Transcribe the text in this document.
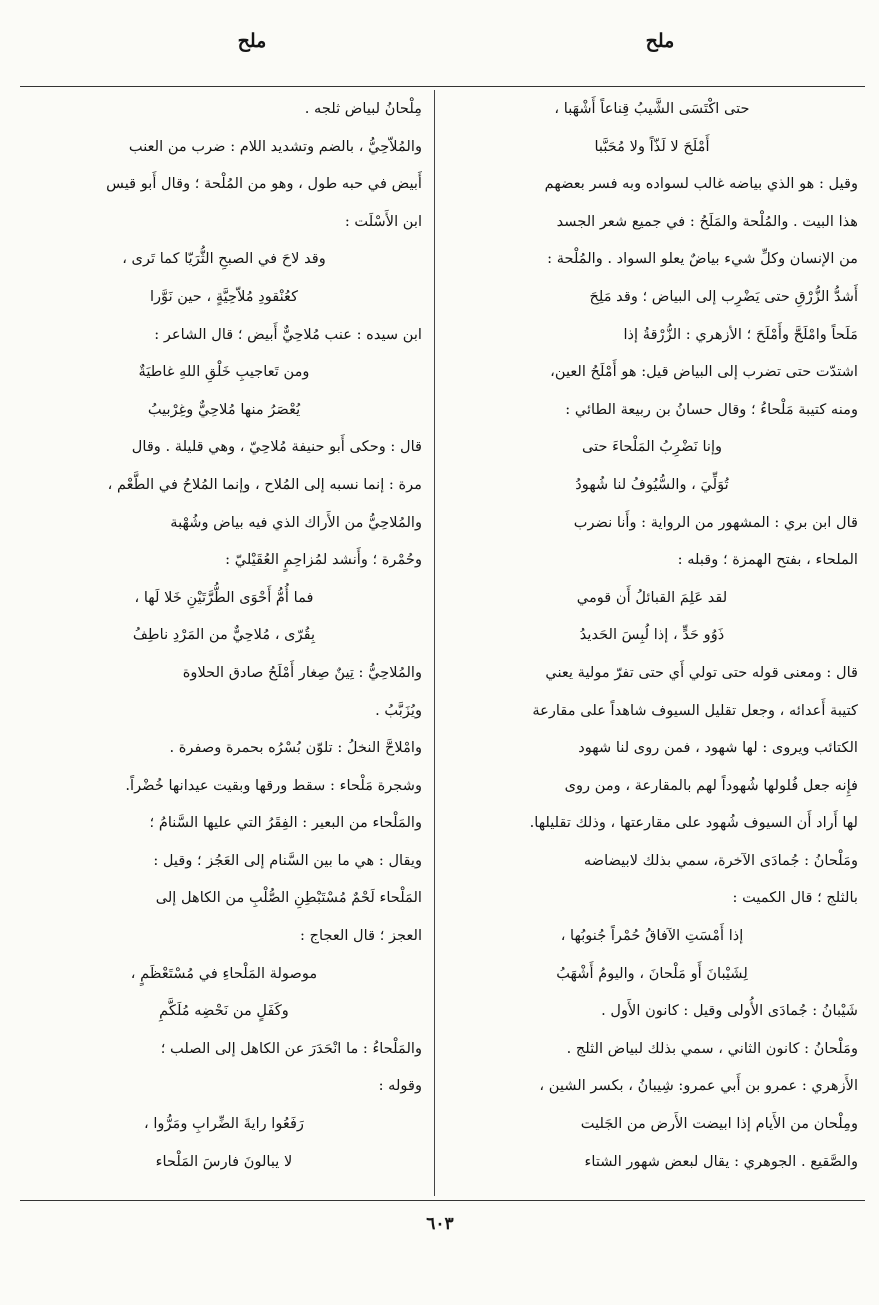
ملح
ملح
حتى اكْتَسَى الشَّيبُ قِناعاً أَشْهَبا ،
أَمْلَحَ لا لَذّاً ولا مُحَبَّبا
وقيل : هو الذي بياضه غالب لسواده وبه فسر بعضهم
هذا البيت . والمُلْحة والمَلَحُ : في جميع شعر الجسد
من الإنسان وكلِّ شيء بياضٌ يعلو السواد . والمُلْحة :
أَشدُّ الزُّرْقِ حتى يَضْرِب إلى البياض ؛ وقد مَلِحَ
مَلَحاً وامْلَحَّ وأَمْلَحَ ؛ الأزهري : الزُّرْقةُ إذا
اشتدّت حتى تضرب إلى البياض قيل: هو أَمْلَحُ العين،
ومنه كتيبة مَلْحاءُ ؛ وقال حسانُ بن ربيعة الطائي :
وإنا نَضْرِبُ المَلْحاءَ حتى
تُوَلِّيَ ، والسُّيُوفُ لنا شُهودُ
قال ابن بري : المشهور من الرواية : وأَنا نضرب
الملحاء ، بفتح الهمزة ؛ وقبله :
لقد عَلِمَ القبائلُ أَن قومي
ذَوُو حَدٍّ ، إذا لُبِسَ الحَديدُ
قال : ومعنى قوله حتى تولي أَي حتى تفرّ مولية يعني
كتيبة أَعدائه ، وجعل تقليل السيوف شاهداً على مقارعة
الكتائب ويروى : لها شهود ، فمن روى لنا شهود
فإِنه جعل فُلولها شُهوداً لهم بالمقارعة ، ومن روى
لها أَراد أَن السيوف شُهود على مقارعتها ، وذلك تقليلها.
ومَلْحانُ : جُمادَى الآخرة، سمي بذلك لابيضاضه
بالثلج ؛ قال الكميت :
إذا أَمْسَتِ الآفاقُ حُمْراً جُنوبُها ،
لِشَيْبانَ أَو مَلْحانَ ، واليومُ أَشْهَبُ
شَيْبانُ : جُمادَى الأُولى وقيل : كانون الأَول .
ومَلْحانُ : كانون الثاني ، سمي بذلك لبياض الثلج .
الأَزهري : عمرو بن أَبي عمرو: شِيبانُ ، بكسر الشين ،
ومِلْحان من الأَيام إذا ابيضت الأَرض من الجَليت
والصَّقيع . الجوهري : يقال لبعض شهور الشتاء
مِلْحانُ لبياض ثلجه .
والمُلاّحِيُّ ، بالضم وتشديد اللام : ضرب من العنب
أَبيض في حبه طول ، وهو من المُلْحة ؛ وقال أَبو قيس
ابن الأَسْلَت :
وقد لاحَ في الصبحِ الثُّرَيّا كما تَرى ،
كعُنْقودِ مُلاّحِيَّةٍ ، حين نَوَّرا
ابن سيده : عنب مُلاحِيٌّ أَبيض ؛ قال الشاعر :
ومن تَعاجيبِ خَلْقِ اللهِ غاطيَةٌ
يُعْصَرُ منها مُلاحِيٌّ وغِرْبيبُ
قال : وحكى أَبو حنيفة مُلاحِيّ ، وهي قليلة . وقال
مرة : إنما نسبه إلى المُلاح ، وإنما المُلاحُ في الطَّعْم ،
والمُلاحِيُّ من الأَراك الذي فيه بياض وشُهْبة
وحُمْرة ؛ وأَنشد لمُزاحِمٍ العُقَيْليّ :
فما أُمُّ أَحْوَى الطُّرَّتَيْنِ خَلا لَها ،
بِقُرّى ، مُلاحِيٌّ من المَرْدِ ناطِفُ
والمُلاحِيُّ : تِينٌ صِغار أَمْلَحُ صادق الحلاوة
ويُزَبَّبُ .
وامْلاحَّ النخلُ : تلوّن بُسْرُه بحمرة وصفرة .
وشجرة مَلْحاء : سقط ورقها وبقيت عيدانها خُضْراً.
والمَلْحاء من البعير : الفِقَرُ التي عليها السَّنامُ ؛
ويقال : هي ما بين السَّنام إلى العَجُز ؛ وقيل :
المَلْحاء لَحْمٌ مُسْتَبْطِنِ الصُّلْبِ من الكاهل إلى
العجز ؛ قال العجاج :
موصولة المَلْحاءِ في مُسْتَعْظَمٍ ،
وكَفَلٍ من نَحْضِه مُلَكَّمِ
والمَلْحاءُ : ما انْحَدَرَ عن الكاهل إلى الصلب ؛
وقوله :
رَفَعُوا رايةَ الضِّرابِ ومَرُّوا ،
لا يبالونَ فارسَ المَلْحاء
٦٠٣
